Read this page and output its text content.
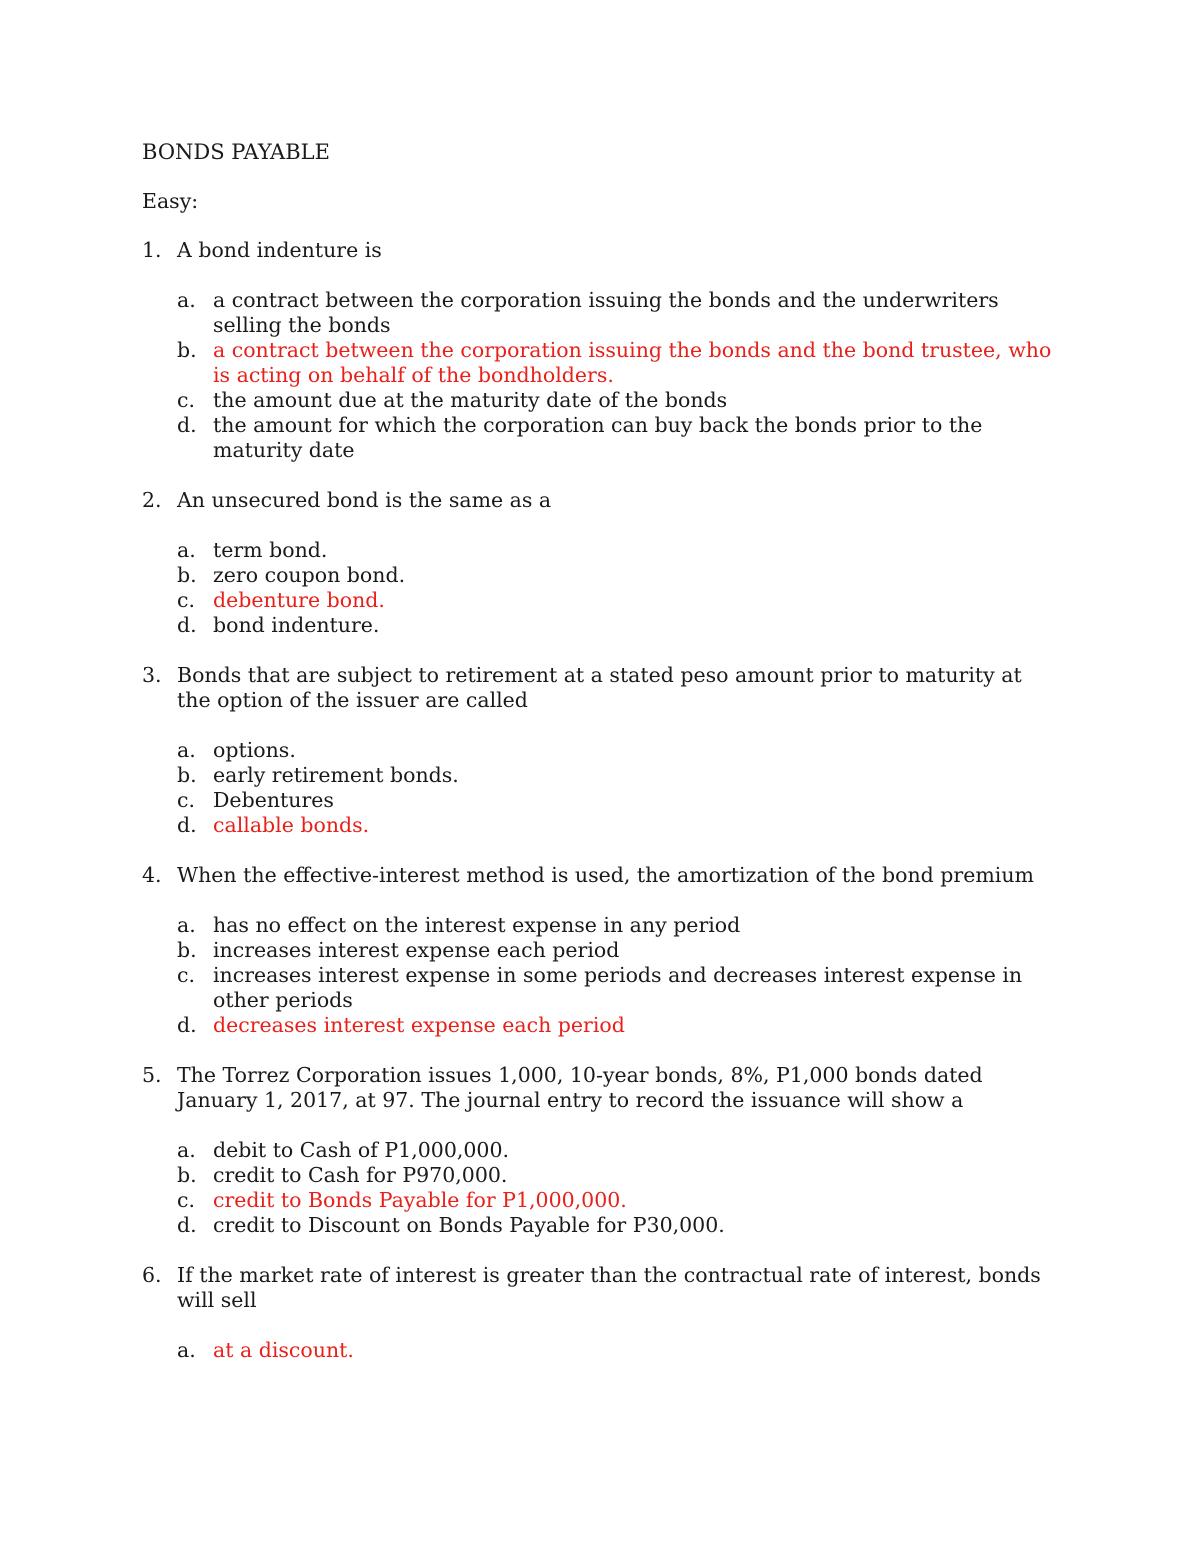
BONDS PAYABLE

Easy:

1. A bond indenture is

a. a contract between the corporation issuing the bonds and the underwriters selling the bonds
b. a contract between the corporation issuing the bonds and the bond trustee, who is acting on behalf of the bondholders.
c. the amount due at the maturity date of the bonds
d. the amount for which the corporation can buy back the bonds prior to the maturity date

2. An unsecured bond is the same as a

a. term bond.
b. zero coupon bond.
c. debenture bond.
d. bond indenture.

3. Bonds that are subject to retirement at a stated peso amount prior to maturity at the option of the issuer are called

a. options.
b. early retirement bonds.
c. Debentures
d. callable bonds.

4. When the effective-interest method is used, the amortization of the bond premium

a. has no effect on the interest expense in any period
b. increases interest expense each period
c. increases interest expense in some periods and decreases interest expense in other periods
d. decreases interest expense each period

5. The Torrez Corporation issues 1,000, 10-year bonds, 8%, P1,000 bonds dated January 1, 2017, at 97. The journal entry to record the issuance will show a

a. debit to Cash of P1,000,000.
b. credit to Cash for P970,000.
c. credit to Bonds Payable for P1,000,000.
d. credit to Discount on Bonds Payable for P30,000.

6. If the market rate of interest is greater than the contractual rate of interest, bonds will sell

a. at a discount.
